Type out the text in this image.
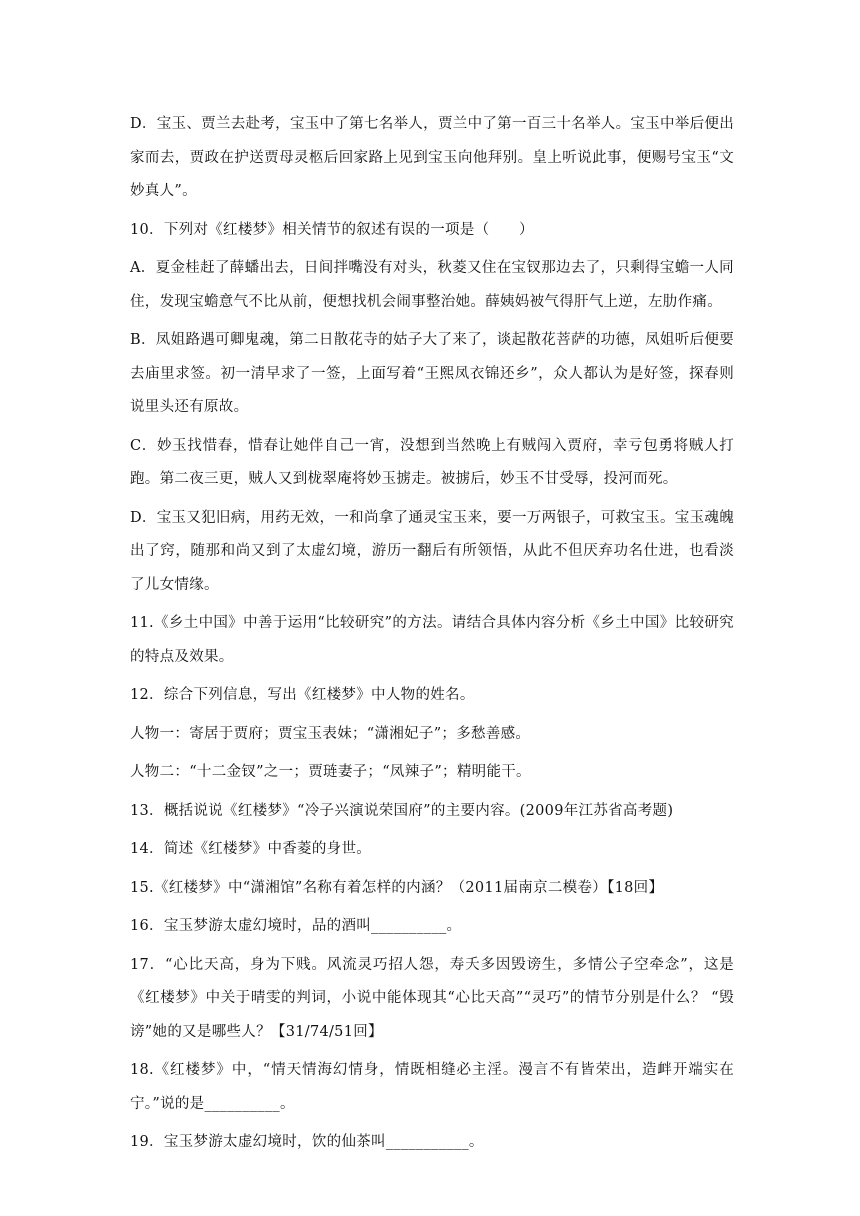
D．宝玉、贾兰去赴考，宝玉中了第七名举人，贾兰中了第一百三十名举人。宝玉中举后便出家而去，贾政在护送贾母灵柩后回家路上见到宝玉向他拜别。皇上听说此事，便赐号宝玉“文妙真人”。

10．下列对《红楼梦》相关情节的叙述有误的一项是（　　）

A．夏金桂赶了薛蟠出去，日间拌嘴没有对头，秋菱又住在宝钗那边去了，只剩得宝蟾一人同住，发现宝蟾意气不比从前，便想找机会闹事整治她。薛姨妈被气得肝气上逆，左肋作痛。

B．凤姐路遇可卿鬼魂，第二日散花寺的姑子大了来了，谈起散花菩萨的功德，凤姐听后便要去庙里求签。初一清早求了一签，上面写着“王熙凤衣锦还乡”，众人都认为是好签，探春则说里头还有原故。

C．妙玉找惜春，惜春让她伴自己一宵，没想到当然晚上有贼闯入贾府，幸亏包勇将贼人打跑。第二夜三更，贼人又到栊翠庵将妙玉掳走。被掳后，妙玉不甘受辱，投河而死。

D．宝玉又犯旧病，用药无效，一和尚拿了通灵宝玉来，要一万两银子，可救宝玉。宝玉魂魄出了窍，随那和尚又到了太虚幻境，游历一翻后有所领悟，从此不但厌弃功名仕进，也看淡了儿女情缘。

11.《乡土中国》中善于运用“比较研究”的方法。请结合具体内容分析《乡土中国》比较研究的特点及效果。

12．综合下列信息，写出《红楼梦》中人物的姓名。

人物一：寄居于贾府；贾宝玉表妹；“潇湘妃子”；多愁善感。

人物二：“十二金钗”之一；贾琏妻子；“凤辣子”；精明能干。

13．概括说说《红楼梦》“冷子兴演说荣国府”的主要内容。(2009年江苏省高考题)

14．简述《红楼梦》中香菱的身世。

15.《红楼梦》中“潇湘馆”名称有着怎样的内涵？（2011届南京二模卷）【18回】

16．宝玉梦游太虚幻境时，品的酒叫__________。

17．“心比天高，身为下贱。风流灵巧招人怨，寿夭多因毁谤生，多情公子空牵念”，这是《红楼梦》中关于晴雯的判词，小说中能体现其“心比天高”“灵巧”的情节分别是什么？ “毁谤”她的又是哪些人？【31/74/51回】

18.《红楼梦》中，“情天情海幻情身，情既相缝必主淫。漫言不有皆荣出，造衅开端实在宁。”说的是__________。

19．宝玉梦游太虚幻境时，饮的仙茶叫___________。
